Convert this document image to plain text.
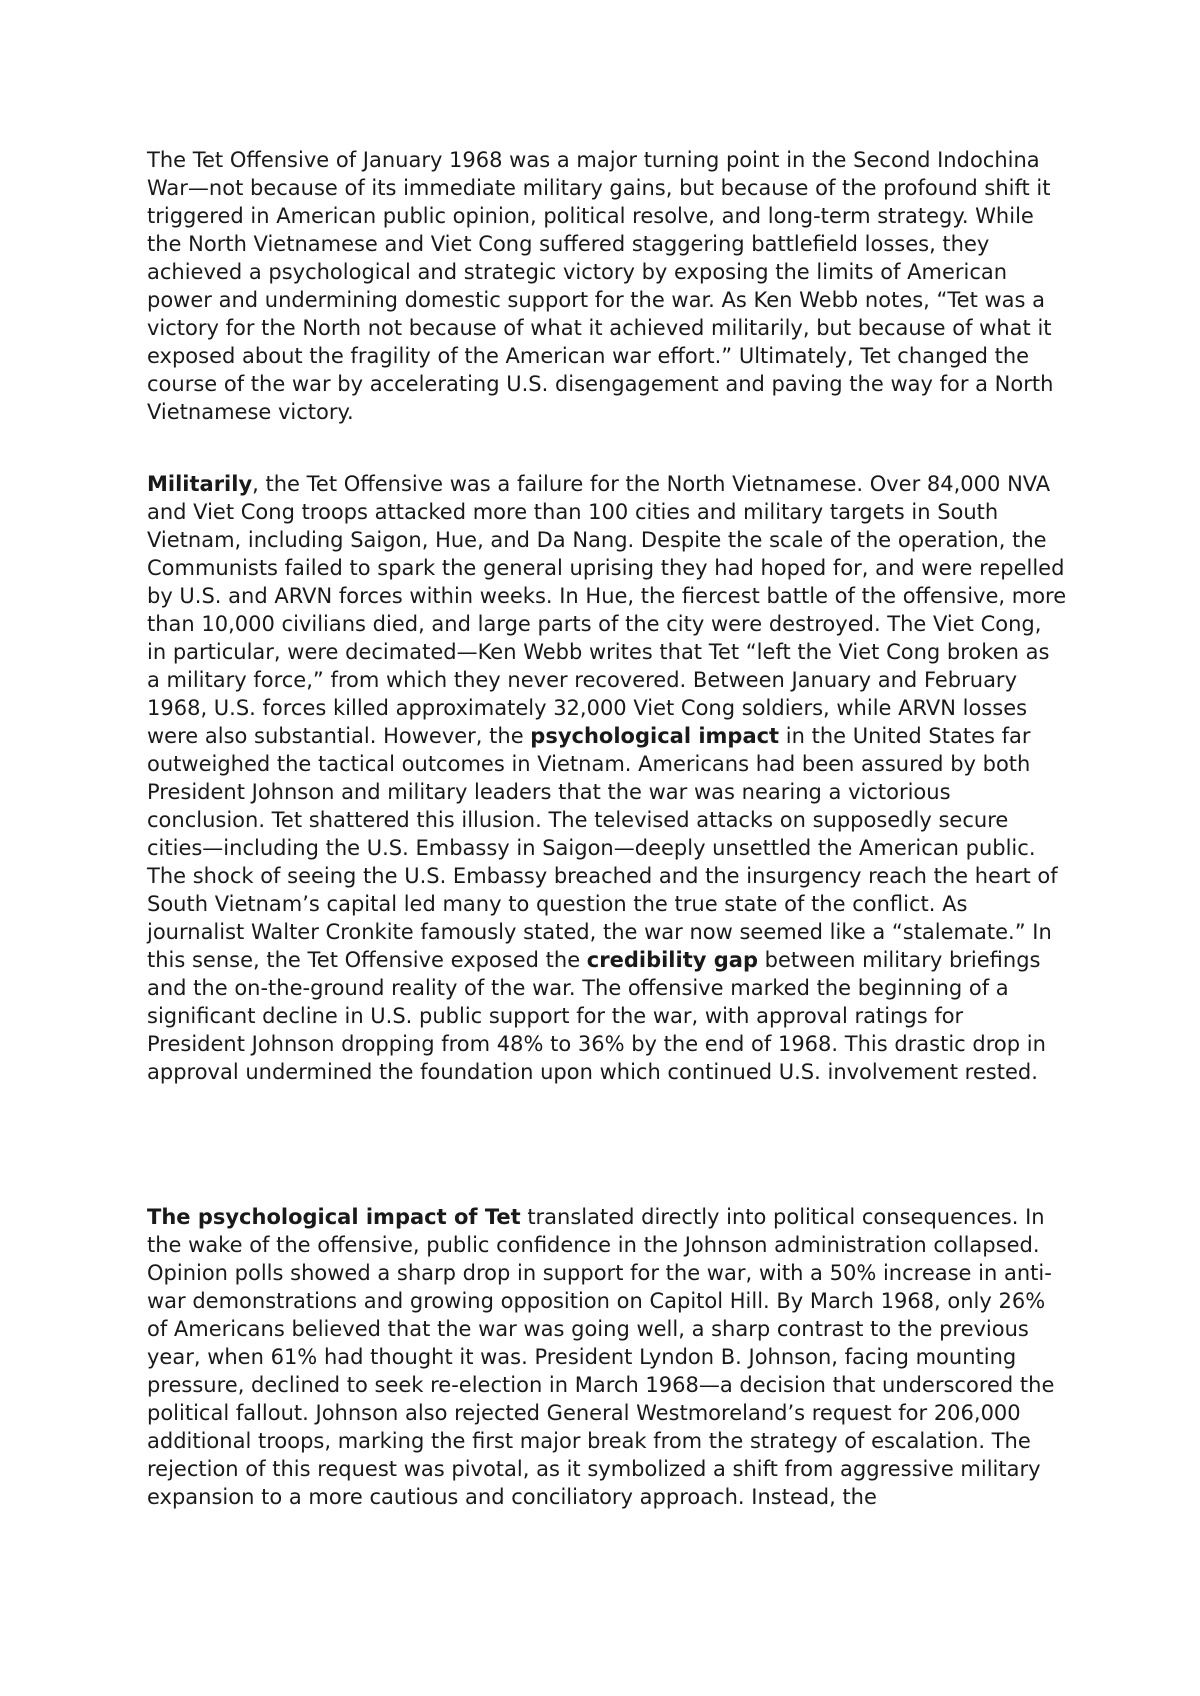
The Tet Offensive of January 1968 was a major turning point in the Second Indochina War—not because of its immediate military gains, but because of the profound shift it triggered in American public opinion, political resolve, and long-term strategy. While the North Vietnamese and Viet Cong suffered staggering battlefield losses, they achieved a psychological and strategic victory by exposing the limits of American power and undermining domestic support for the war. As Ken Webb notes, “Tet was a victory for the North not because of what it achieved militarily, but because of what it exposed about the fragility of the American war effort.” Ultimately, Tet changed the course of the war by accelerating U.S. disengagement and paving the way for a North Vietnamese victory.

Militarily, the Tet Offensive was a failure for the North Vietnamese. Over 84,000 NVA and Viet Cong troops attacked more than 100 cities and military targets in South Vietnam, including Saigon, Hue, and Da Nang. Despite the scale of the operation, the Communists failed to spark the general uprising they had hoped for, and were repelled by U.S. and ARVN forces within weeks. In Hue, the fiercest battle of the offensive, more than 10,000 civilians died, and large parts of the city were destroyed. The Viet Cong, in particular, were decimated—Ken Webb writes that Tet “left the Viet Cong broken as a military force,” from which they never recovered. Between January and February 1968, U.S. forces killed approximately 32,000 Viet Cong soldiers, while ARVN losses were also substantial. However, the psychological impact in the United States far outweighed the tactical outcomes in Vietnam. Americans had been assured by both President Johnson and military leaders that the war was nearing a victorious conclusion. Tet shattered this illusion. The televised attacks on supposedly secure cities—including the U.S. Embassy in Saigon—deeply unsettled the American public. The shock of seeing the U.S. Embassy breached and the insurgency reach the heart of South Vietnam’s capital led many to question the true state of the conflict. As journalist Walter Cronkite famously stated, the war now seemed like a “stalemate.” In this sense, the Tet Offensive exposed the credibility gap between military briefings and the on-the-ground reality of the war. The offensive marked the beginning of a significant decline in U.S. public support for the war, with approval ratings for President Johnson dropping from 48% to 36% by the end of 1968. This drastic drop in approval undermined the foundation upon which continued U.S. involvement rested.

The psychological impact of Tet translated directly into political consequences. In the wake of the offensive, public confidence in the Johnson administration collapsed. Opinion polls showed a sharp drop in support for the war, with a 50% increase in anti-war demonstrations and growing opposition on Capitol Hill. By March 1968, only 26% of Americans believed that the war was going well, a sharp contrast to the previous year, when 61% had thought it was. President Lyndon B. Johnson, facing mounting pressure, declined to seek re-election in March 1968—a decision that underscored the political fallout. Johnson also rejected General Westmoreland’s request for 206,000 additional troops, marking the first major break from the strategy of escalation. The rejection of this request was pivotal, as it symbolized a shift from aggressive military expansion to a more cautious and conciliatory approach. Instead, the
